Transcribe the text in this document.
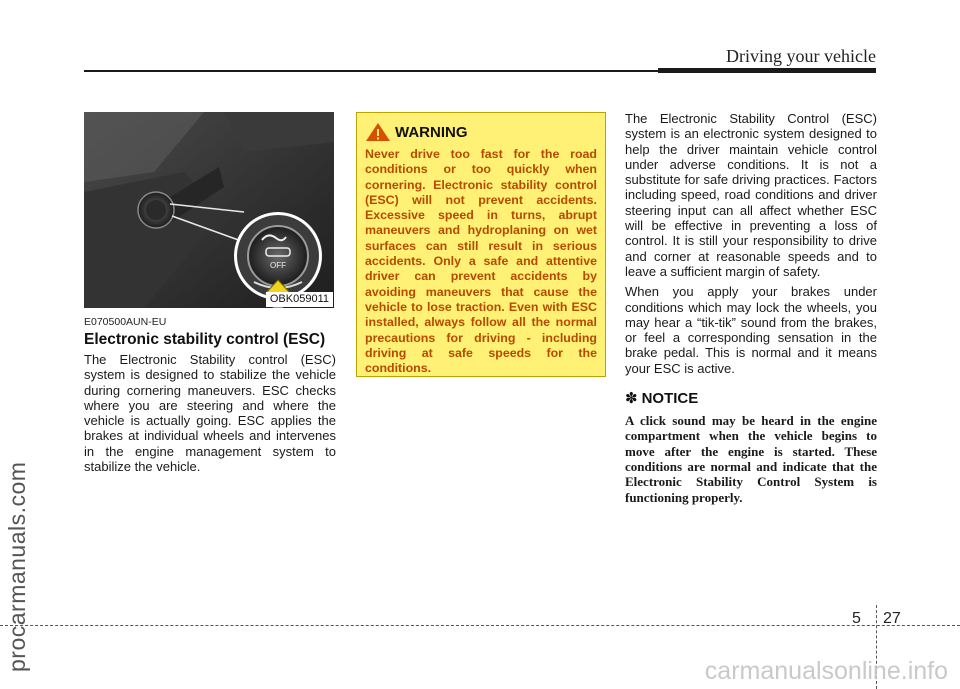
Driving your vehicle
procarmanuals.com
OFF
OBK059011
E070500AUN-EU
Electronic stability control (ESC)

The Electronic Stability control (ESC) system is designed to stabilize the vehicle during cornering maneuvers. ESC checks where you are steering and where the vehicle is actually going. ESC applies the brakes at individual wheels and intervenes in the engine management system to stabilize the vehicle.

WARNING

Never drive too fast for the road conditions or too quickly when cornering. Electronic stability control (ESC) will not prevent accidents. Excessive speed in turns, abrupt maneuvers and hydroplaning on wet surfaces can still result in serious accidents. Only a safe and attentive driver can prevent accidents by avoiding maneuvers that cause the vehicle to lose traction. Even with ESC installed, always follow all the normal precautions for driving - including driving at safe speeds for the conditions.

The Electronic Stability Control (ESC) system is an electronic system designed to help the driver maintain vehicle control under adverse conditions. It is not a substitute for safe driving practices. Factors including speed, road conditions and driver steering input can all affect whether ESC will be effective in preventing a loss of control. It is still your responsibility to drive and corner at reasonable speeds and to leave a sufficient margin of safety.

When you apply your brakes under conditions which may lock the wheels, you may hear a “tik-tik” sound from the brakes, or feel a corresponding sensation in the brake pedal. This is normal and it means your ESC is active.

✽ NOTICE

A click sound may be heard in the engine compartment when the vehicle begins to move after the engine is started. These conditions are normal and indicate that the Electronic Stability Control System is functioning properly.

5 27
carmanualsonline.info
